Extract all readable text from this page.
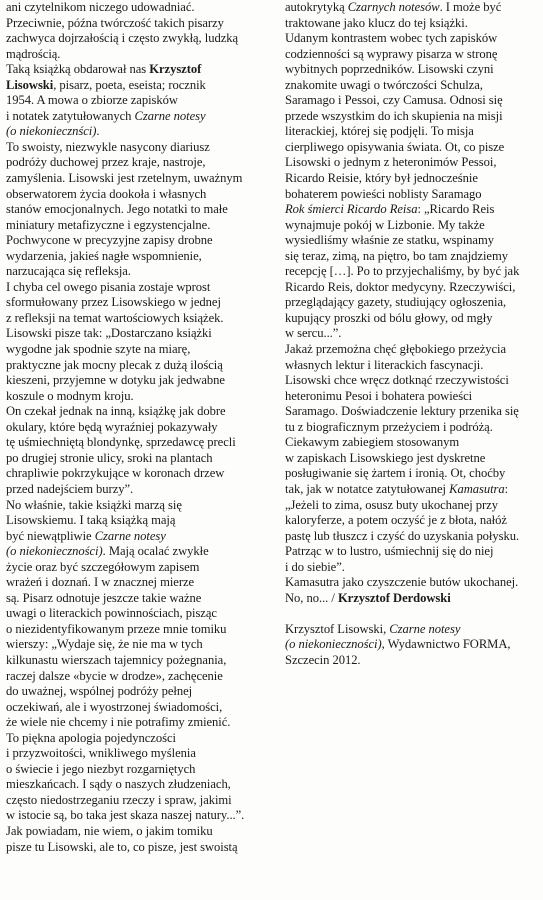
ani czytelnikom niczego udowadniać.
Przeciwnie, późna twórczość takich pisarzy
zachwyca dojrzałością i często zwykłą, ludzką
mądrością.

Taką książką obdarował nas Krzysztof
Lisowski, pisarz, poeta, eseista; rocznik
1954. A mowa o zbiorze zapisków
i notatek zatytułowanych Czarne notesy
(o niekoniecznści).

To swoisty, niezwykle nasycony diariusz
podróży duchowej przez kraje, nastroje,
zamyślenia. Lisowski jest rzetelnym, uważnym
obserwatorem życia dookoła i własnych
stanów emocjonalnych. Jego notatki to małe
miniatury metafizyczne i egzystencjalne.
Pochwycone w precyzyjne zapisy drobne
wydarzenia, jakieś nagłe wspomnienie,
narzucająca się refleksja.

I chyba cel owego pisania zostaje wprost
sformułowany przez Lisowskiego w jednej
z refleksji na temat wartościowych książek.
Lisowski pisze tak: „Dostarczano książki
wygodne jak spodnie szyte na miarę,
praktyczne jak mocny plecak z dużą ilością
kieszeni, przyjemne w dotyku jak jedwabne
koszule o modnym kroju.

On czekał jednak na inną, książkę jak dobre
okulary, które będą wyraźniej pokazywały
tę uśmiechniętą blondynkę, sprzedawcę precli
po drugiej stronie ulicy, sroki na plantach
chrapliwie pokrzykujące w koronach drzew
przed nadejściem burzy”.

No właśnie, takie książki marzą się
Lisowskiemu. I taką książką mają
być niewątpliwie Czarne notesy
(o niekonieczności). Mają ocalać zwykłe
życie oraz być szczegółowym zapisem
wrażeń i doznań. I w znacznej mierze
są. Pisarz odnotuje jeszcze takie ważne
uwagi o literackich powinnościach, pisząc
o niezidentyfikowanym przeze mnie tomiku
wierszy: „Wydaje się, że nie ma w tych
kilkunastu wierszach tajemnicy pożegnania,
raczej dalsze «bycie w drodze», zachęcenie
do uważnej, wspólnej podróży pełnej
oczekiwań, ale i wyostrzonej świadomości,
że wiele nie chcemy i nie potrafimy zmienić.
To piękna apologia pojedynczości
i przyzwoitości, wnikliwego myślenia
o świecie i jego niezbyt rozgarniętych
mieszkańcach. I sądy o naszych złudzeniach,
często niedostrzeganiu rzeczy i spraw, jakimi
w istocie są, bo taka jest skaza naszej natury...”.
Jak powiadam, nie wiem, o jakim tomiku
pisze tu Lisowski, ale to, co pisze, jest swoistą

autokrytyką Czarnych notesów. I może być
traktowane jako klucz do tej książki.
Udanym kontrastem wobec tych zapisków
codzienności są wyprawy pisarza w stronę
wybitnych poprzedników. Lisowski czyni
znakomite uwagi o twórczości Schulza,
Saramago i Pessoi, czy Camusa. Odnosi się
przede wszystkim do ich skupienia na misji
literackiej, której się podjęli. To misja
cierpliwego opisywania świata. Ot, co pisze
Lisowski o jednym z heteronimów Pessoi,
Ricardo Reisie, który był jednocześnie
bohaterem powieści noblisty Saramago
Rok śmierci Ricardo Reisa: „Ricardo Reis
wynajmuje pokój w Lizbonie. My także
wysiedliśmy właśnie ze statku, wspinamy
się teraz, zimą, na piętro, bo tam znajdziemy
recepcję […]. Po to przyjechaliśmy, by być jak
Ricardo Reis, doktor medycyny. Rzeczywiści,
przeglądający gazety, studiujący ogłoszenia,
kupujący proszki od bólu głowy, od mgły
w sercu...”.

Jakaż przemożna chęć głębokiego przeżycia
własnych lektur i literackich fascynacji.
Lisowski chce wręcz dotknąć rzeczywistości
heteronimu Pesoi i bohatera powieści
Saramago. Doświadczenie lektury przenika się
tu z biograficznym przeżyciem i podróżą.
Ciekawym zabiegiem stosowanym
w zapiskach Lisowskiego jest dyskretne
posługiwanie się żartem i ironią. Ot, choćby
tak, jak w notatce zatytułowanej Kamasutra:
„Jeżeli to zima, osusz buty ukochanej przy
kaloryferze, a potem oczyść je z błota, nałóż
pastę lub tłuszcz i czyść do uzyskania połysku.
Patrząc w to lustro, uśmiechnij się do niej
i do siebie”.

Kamasutra jako czyszczenie butów ukochanej.
No, no... / Krzysztof Derdowski

Krzysztof Lisowski, Czarne notesy
(o niekonieczności), Wydawnictwo FORMA,
Szczecin 2012.
